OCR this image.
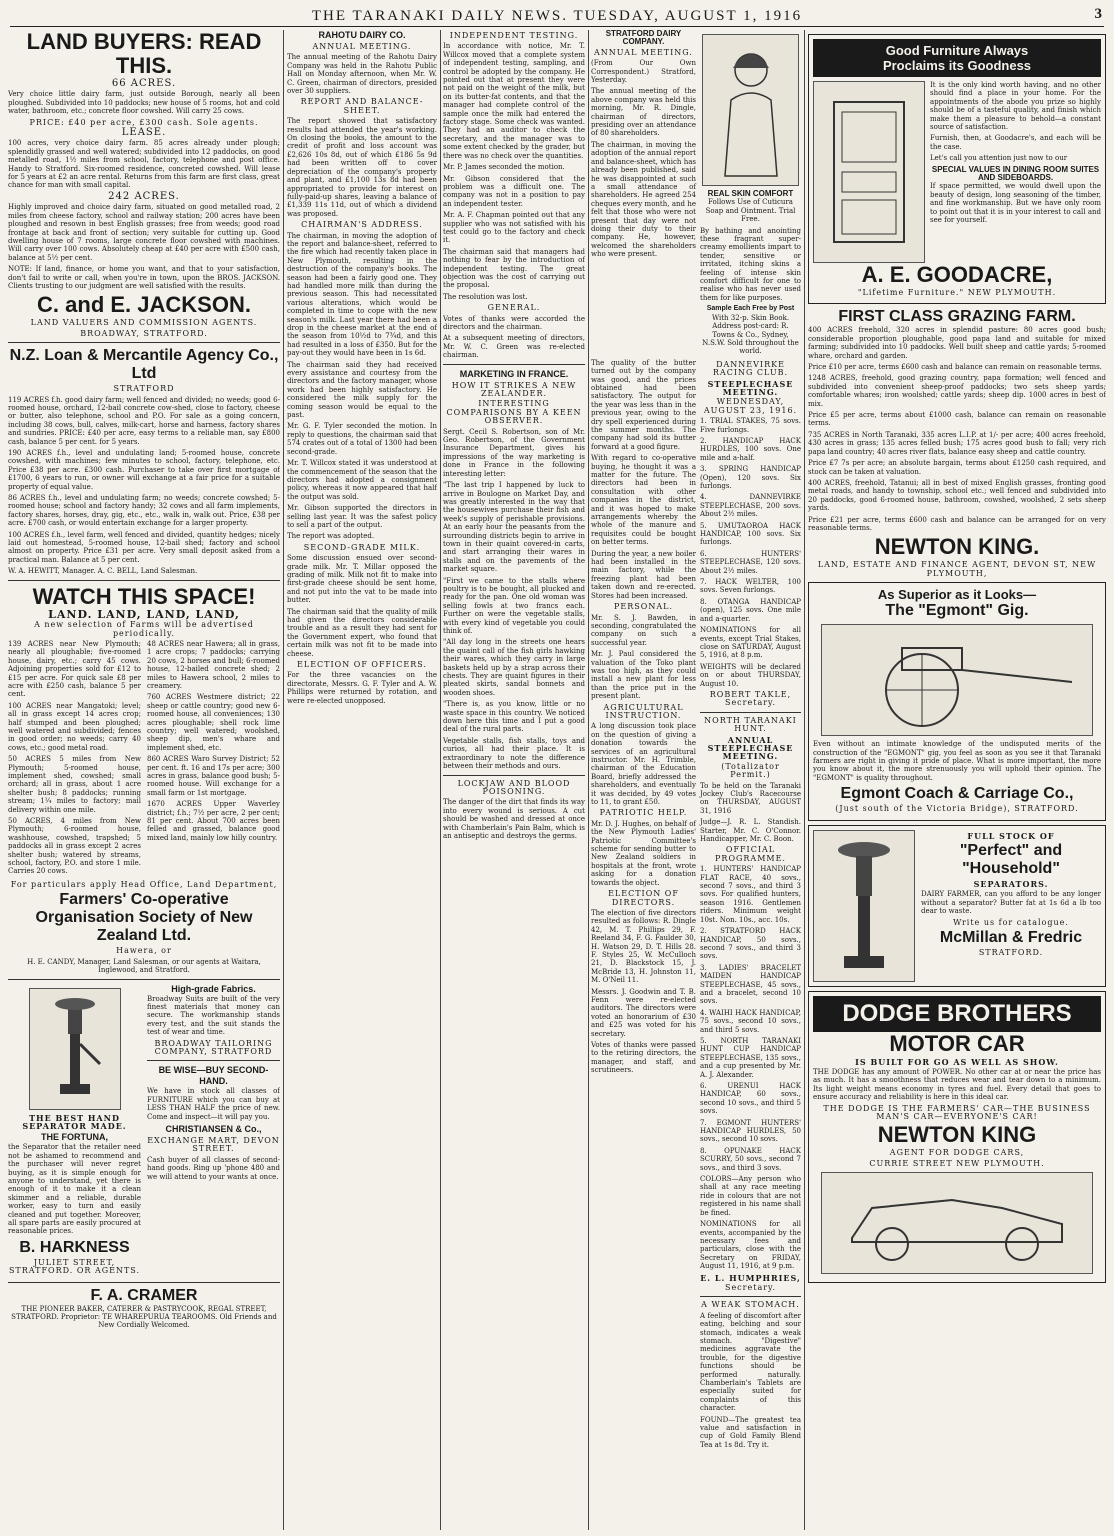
THE TARANAKI DAILY NEWS. TUESDAY, AUGUST 1, 1916	3
LAND BUYERS: READ THIS.
66 ACRES.

Very choice little dairy farm, just outside Borough, nearly all been ploughed. Subdivided into 10 paddocks; new house of 5 rooms, hot and cold water, bathroom, etc.; concrete floor cowshed. Will carry 25 cows.

PRICE: £40 per acre, £300 cash. Sole agents.

LEASE.

100 acres, very choice dairy farm. 85 acres already under plough; splendidly grassed and well watered; subdivided into 12 paddocks, on good metalled road, 1½ miles from school, factory, telephone and post office. Handy to Stratford. Six-roomed residence, concreted cowshed. Will lease for 5 years at £2 an acre rental. Returns from this farm are first class, great chance for man with small capital.

242 ACRES.

Highly improved and choice dairy farm, situated on good metalled road, 2 miles from cheese factory, school and railway station; 200 acres have been ploughed and resown in best English grasses; free from weeds; good road frontage at back and front of section; very suitable for cutting up. Good dwelling house of 7 rooms, large concrete floor cowshed with machines. Will carry over 100 cows. Absolutely cheap at £40 per acre with £500 cash, balance at 5½ per cent.

NOTE: If land, finance, or home you want, and that to your satisfaction, don't fail to write or call, when you're in town, upon the BROS. JACKSON. Clients trusting to our judgment are well satisfied with the results.

C. and E. JACKSON.
LAND VALUERS AND COMMISSION AGENTS.
BROADWAY, STRATFORD.
N.Z. Loan & Mercantile Agency Co., Ltd
STRATFORD

119 ACRES f.h. good dairy farm; well fenced and divided; no weeds; good 6-roomed house, orchard, 12-bail concrete cow-shed, close to factory, cheese or butter, also telephone, school and P.O. For sale as a going concern, including 38 cows, bull, calves, milk-cart, horse and harness, factory shares and sundries. PRICE: £40 per acre, easy terms to a reliable man, say £800 cash, balance 5 per cent. for 5 years.

190 ACRES f.h., level and undulating land; 5-roomed house, concrete cowshed, with machines; few minutes to school, factory, telephone, etc. Price £38 per acre. £300 cash. Purchaser to take over first mortgage of £1700, 6 years to run, or owner will exchange at a fair price for a suitable property of equal value.

86 ACRES f.h., level and undulating farm; no weeds; concrete cowshed; 5-roomed house; school and factory handy; 32 cows and all farm implements, factory shares, horses, dray, gig, etc., etc., walk in, walk out. Price, £38 per acre. £700 cash, or would entertain exchange for a larger property.

100 ACRES f.h., level farm, well fenced and divided, quantity hedges; nicely laid out homestead, 5-roomed house, 12-bail shed; factory and school almost on property. Price £31 per acre. Very small deposit asked from a practical man. Balance at 5 per cent.

W. A. HEWITT, Manager. A. C. BELL, Land Salesman.

WATCH THIS SPACE!
LAND. LAND, LAND, LAND,
A new selection of Farms will be advertised periodically.

139 ACRES near New Plymouth; nearly all ploughable; five-roomed house, dairy, etc.; carry 45 cows. Adjoining properties sold for £12 to £15 per acre. For quick sale £8 per acre with £250 cash, balance 5 per cent.

100 ACRES near Mangatoki; level; all in grass except 14 acres crop; half stumped and been ploughed; well watered and subdivided; fences in good order; no weeds; carry 40 cows, etc.; good metal road.

50 ACRES 5 miles from New Plymouth; 5-roomed house, implement shed, cowshed; small orchard; all in grass, about 1 acre shelter bush; 8 paddocks; running stream; 1¼ miles to factory; mail delivery within one mile.

50 ACRES, 4 miles from New Plymouth; 6-roomed house, washhouse, cowshed, trapshed; 5 paddocks all in grass except 2 acres shelter bush; watered by streams, school, factory, P.O. and store 1 mile. Carries 20 cows.

48 ACRES near Hawera; all in grass, 1 acre crops; 7 paddocks; carrying 20 cows, 2 horses and bull; 6-roomed house, 12-bailed concrete shed; 2 miles to Hawera school, 2 miles to creamery.

760 ACRES Westmere district; 22 sheep or cattle country; good new 6-roomed house, all conveniences; 130 acres ploughable; shell rock lime country; well watered; woolshed, sheep dip, men's whare and implement shed, etc.

860 ACRES Waro Survey District; 52 per cent. ft. 16 and 17s per acre; 300 acres in grass, balance good bush; 5-roomed house. Will exchange for a small farm or 1st mortgage.

1670 ACRES Upper Waverley district; f.h.; 7½ per acre, 2 per cent; 81 per cent. About 700 acres been felled and grassed, balance good mixed land, mainly low hilly country.

For particulars apply Head Office, Land Department,
Farmers' Co-operative Organisation Society of New Zealand Ltd.
Hawera, or

H. E. CANDY, Manager, Land Salesman, or our agents at Waitara, Inglewood, and Stratford.

THE BEST HAND SEPARATOR MADE.
THE FORTUNA,

the Separator that the retailer need not be ashamed to recommend and the purchaser will never regret buying, as it is simple enough for anyone to understand, yet there is enough of it to make it a clean skimmer and a reliable, durable worker, easy to turn and easily cleaned and put together. Moreover, all spare parts are easily procured at reasonable prices.

B. HARKNESS
JULIET STREET, STRATFORD. OR AGENTS.
High-grade Fabrics.

Broadway Suits are built of the very finest materials that money can secure. The workmanship stands every test, and the suit stands the test of wear and time.

BROADWAY TAILORING COMPANY, STRATFORD
BE WISE—BUY SECOND-HAND.

We have in stock all classes of FURNITURE which you can buy at LESS THAN HALF the price of new. Come and inspect—it will pay you.

CHRISTIANSEN & Co.,
EXCHANGE MART, DEVON STREET.

Cash buyer of all classes of second-hand goods. Ring up 'phone 480 and we will attend to your wants at once.

F. A. CRAMER

THE PIONEER BAKER, CATERER & PASTRYCOOK, REGAL STREET, STRATFORD. Proprietor: TE WHAREPURUA TEAROOMS. Old Friends and New Cordially Welcomed.

RAHOTU DAIRY CO.
ANNUAL MEETING.

The annual meeting of the Rahotu Dairy Company was held in the Rahotu Public Hall on Monday afternoon, when Mr. W. C. Green, chairman of directors, presided over 30 suppliers.

REPORT AND BALANCE-SHEET.

The report showed that satisfactory results had attended the year's working. On closing the books, the amount to the credit of profit and loss account was £2,626 10s 8d, out of which £186 5s 9d had been written off to cover depreciation of the company's property and plant, and £1,100 13s 8d had been appropriated to provide for interest on fully-paid-up shares, leaving a balance of £1,339 11s 11d, out of which a dividend was proposed.

CHAIRMAN'S ADDRESS.

The chairman, in moving the adoption of the report and balance-sheet, referred to the fire which had recently taken place in New Plymouth, resulting in the destruction of the company's books. The season had been a fairly good one. They had handled more milk than during the previous season. This had necessitated various alterations, which would be completed in time to cope with the new season's milk. Last year there had been a drop in the cheese market at the end of the season from 10½d to 7¾d, and this had resulted in a loss of £350. But for the pay-out they would have been in 1s 6d.

The chairman said they had received every assistance and courtesy from the directors and the factory manager, whose work had been highly satisfactory. He considered the milk supply for the coming season would be equal to the past.

Mr. G. F. Tyler seconded the motion. In reply to questions, the chairman said that 574 crates out of a total of 1300 had been second-grade.

Mr. T. Willcox stated it was understood at the commencement of the season that the directors had adopted a consignment policy, whereas it now appeared that half the output was sold.

Mr. Gibson supported the directors in selling last year. It was the safest policy to sell a part of the output.

The report was adopted.

SECOND-GRADE MILK.

Some discussion ensued over second-grade milk. Mr. T. Millar opposed the grading of milk. Milk not fit to make into first-grade cheese should be sent home, and not put into the vat to be made into butter.

The chairman said that the quality of milk had given the directors considerable trouble and as a result they had sent for the Government expert, who found that certain milk was not fit to be made into cheese.

ELECTION OF OFFICERS.

For the three vacancies on the directorate, Messrs. G. F. Tyler and A. W. Phillips were returned by rotation, and were re-elected unopposed.

INDEPENDENT TESTING.

In accordance with notice, Mr. T. Willcox moved that a complete system of independent testing, sampling, and control be adopted by the company. He pointed out that at present they were not paid on the weight of the milk, but on its butter-fat contents, and that the manager had complete control of the sample once the milk had entered the factory stage. Some check was wanted. They had an auditor to check the secretary, and the manager was to some extent checked by the grader, but there was no check over the quantities.

Mr. P. James seconded the motion.

Mr. Gibson considered that the problem was a difficult one. The company was not in a position to pay an independent tester.

Mr. A. F. Chapman pointed out that any supplier who was not satisfied with his test could go to the factory and check it.

The chairman said that managers had nothing to fear by the introduction of independent testing. The great objection was the cost of carrying out the proposal.

The resolution was lost.

GENERAL.

Votes of thanks were accorded the directors and the chairman.

At a subsequent meeting of directors, Mr. W. C. Green was re-elected chairman.

MARKETING IN FRANCE.
HOW IT STRIKES A NEW ZEALANDER.
INTERESTING COMPARISONS BY A KEEN OBSERVER.

Sergt. Cecil S. Robertson, son of Mr. Geo. Robertson, of the Government Insurance Department, gives his impressions of the way marketing is done in France in the following interesting letter:

"The last trip I happened by luck to arrive in Boulogne on Market Day, and was greatly interested in the way that the housewives purchase their fish and week's supply of perishable provisions. At an early hour the peasants from the surrounding districts begin to arrive in town in their quaint covered-in carts, and start arranging their wares in stalls and on the pavements of the market square.

"First we came to the stalls where poultry is to be bought, all plucked and ready for the pan. One old woman was selling fowls at two francs each. Further on were the vegetable stalls, with every kind of vegetable you could think of.

"All day long in the streets one hears the quaint call of the fish girls hawking their wares, which they carry in large baskets held up by a strap across their chests. They are quaint figures in their pleated skirts, sandal bonnets and wooden shoes.

"There is, as you know, little or no waste space in this country. We noticed down here this time and I put a good deal of the rural parts.

Vegetable stalls, fish stalls, toys and curios, all had their place. It is extraordinary to note the difference between their methods and ours.

LOCKJAW AND BLOOD POISONING.

The danger of the dirt that finds its way into every wound is serious. A cut should be washed and dressed at once with Chamberlain's Pain Balm, which is an antiseptic and destroys the germs.

STRATFORD DAIRY COMPANY.
ANNUAL MEETING.

(From Our Own Correspondent.) Stratford, Yesterday.

The annual meeting of the above company was held this morning, Mr. R. Dingle, chairman of directors, presiding over an attendance of 80 shareholders.

The chairman, in moving the adoption of the annual report and balance-sheet, which has already been published, said he was disappointed at such a small attendance of shareholders. He agreed 254 cheques every month, and he felt that those who were not present that day were not doing their duty to their company. He, however, welcomed the shareholders who were present.

REAL SKIN COMFORT

Follows Use of Cuticura Soap and Ointment. Trial Free.

By bathing and anointing these fragrant super-creamy emollients impart to tender, sensitive or irritated, itching skins a feeling of intense skin comfort difficult for one to realise who has never used them for like purposes.

Sample Each Free by Post

With 32-p. Skin Book. Address post-card: R. Towns & Co., Sydney, N.S.W. Sold throughout the world.

The quality of the butter turned out by the company was good, and the prices obtained had been satisfactory. The output for the year was less than in the previous year, owing to the dry spell experienced during the summer months. The company had sold its butter forward at a good figure.

With regard to co-operative buying, he thought it was a matter for the future. The directors had been in consultation with other companies in the district, and it was hoped to make arrangements whereby the whole of the manure and requisites could be bought on better terms.

During the year, a new boiler had been installed in the main factory, while the freezing plant had been taken down and re-erected. Stores had been increased.

PERSONAL.

Mr. S. J. Bawden, in seconding, congratulated the company on such a successful year.

Mr. J. Paul considered the valuation of the Toko plant was too high, as they could install a new plant for less than the price put in the present plant.

AGRICULTURAL INSTRUCTION.

A long discussion took place on the question of giving a donation towards the services of an agricultural instructor. Mr. H. Trimble, chairman of the Education Board, briefly addressed the shareholders, and eventually it was decided, by 49 votes to 11, to grant £50.

PATRIOTIC HELP.

Mr. D. J. Hughes, on behalf of the New Plymouth Ladies' Patriotic Committee's scheme for sending butter to New Zealand soldiers in hospitals at the front, wrote asking for a donation towards the object.

ELECTION OF DIRECTORS.

The election of five directors resulted as follows: R. Dingle 42, M. T. Phillips 29, F. Reeland 34, F. G. Faulder 30, H. Watson 29, D. T. Hills 28. F. Styles 25, W. McCulloch 21, D. Blackstock 15, J. McBride 13, H. Johnston 11, M. O'Neil 11.

Messrs. J. Goodwin and T. B. Fenn were re-elected auditors. The directors were voted an honorarium of £30 and £25 was voted for his secretary.

Votes of thanks were passed to the retiring directors, the manager, and staff, and scrutineers.

DANNEVIRKE RACING CLUB.
STEEPLECHASE MEETING.
WEDNESDAY, AUGUST 23, 1916.

1. TRIAL STAKES, 75 sovs. Five furlongs.

2. HANDICAP HACK HURDLES, 100 sovs. One mile and a-half.

3. SPRING HANDICAP (Open), 120 sovs. Six furlongs.

4. DANNEVIRKE STEEPLECHASE, 200 sovs. About 2½ miles.

5. UMUTAOROA HACK HANDICAP, 100 sovs. Six furlongs.

6. HUNTERS' STEEPLECHASE, 120 sovs. About 2½ miles.

7. HACK WELTER, 100 sovs. Seven furlongs.

8. OTANGA HANDICAP (open), 125 sovs. One mile and a-quarter.

NOMINATIONS for all events, except Trial Stakes, close on SATURDAY, August 5, 1916, at 8 p.m.

WEIGHTS will be declared on or about THURSDAY, August 10.

ROBERT TAKLE, Secretary.
NORTH TARANAKI HUNT.
ANNUAL STEEPLECHASE MEETING.
(Totalizator Permit.)

To be held on the Taranaki Jockey Club's Racecourse on THURSDAY, AUGUST 31, 1916

Judge—J. R. L. Standish. Starter, Mr. C. O'Connor. Handicapper, Mr. C. Boon.

OFFICIAL PROGRAMME.

1. HUNTERS' HANDICAP FLAT RACE, 40 sovs., second 7 sovs., and third 3 sovs. For qualified hunters, season 1916. Gentlemen riders. Minimum weight 10st. Non. 10s., acc. 10s.

2. STRATFORD HACK HANDICAP, 50 sovs., second 7 sovs., and third 3 sovs.

3. LADIES' BRACELET MAIDEN HANDICAP STEEPLECHASE, 45 sovs., and a bracelet, second 10 sovs.

4. WAIHI HACK HANDICAP, 75 sovs., second 10 sovs., and third 5 sovs.

5. NORTH TARANAKI HUNT CUP HANDICAP STEEPLECHASE, 135 sovs., and a cup presented by Mr. A. J. Alexander.

6. URENUI HACK HANDICAP, 60 sovs., second 10 sovs., and third 5 sovs.

7. EGMONT HUNTERS' HANDICAP HURDLES, 50 sovs., second 10 sovs.

8. OPUNAKE HACK SCURRY, 50 sovs., second 7 sovs., and third 3 sovs.

COLORS—Any person who shall at any race meeting ride in colours that are not registered in his name shall be fined.

NOMINATIONS for all events, accompanied by the necessary fees and particulars, close with the Secretary on FRIDAY, August 11, 1916, at 9 p.m.

E. L. HUMPHRIES,
Secretary.
A WEAK STOMACH.

A feeling of discomfort after eating, belching and sour stomach, indicates a weak stomach. "Digestive" medicines aggravate the trouble, for the digestive functions should be performed naturally. Chamberlain's Tablets are especially suited for complaints of this character.

FOUND—The greatest tea value and satisfaction in cup of Gold Family Blend Tea at 1s 8d. Try it.

Good Furniture Always
Proclaims its Goodness

It is the only kind worth having, and no other should find a place in your home. For the appointments of the abode you prize so highly should be of a tasteful quality, and finish which make them a pleasure to behold—a constant source of satisfaction.

Furnish, then, at Goodacre's, and each will be the case.

Let's call you attention just now to our

SPECIAL VALUES IN DINING ROOM SUITES AND SIDEBOARDS.

If space permitted, we would dwell upon the beauty of design, long seasoning of the timber, and fine workmanship. But we have only room to point out that it is in your interest to call and see for yourself.

A. E. GOODACRE,
"Lifetime Furniture." NEW PLYMOUTH.
FIRST CLASS GRAZING FARM.

400 ACRES freehold, 320 acres in splendid pasture: 80 acres good bush; considerable proportion ploughable, good papa land and suitable for mixed farming; subdivided into 10 paddocks. Well built sheep and cattle yards; 5-roomed whare, orchard and garden.

Price £10 per acre, terms £600 cash and balance can remain on reasonable terms.

1248 ACRES, freehold, good grazing country, papa formation; well fenced and subdivided into convenient sheep-proof paddocks; two sets sheep yards; comfortable whares; iron woolshed; cattle yards; sheep dip. 1000 acres in best of mix.

Price £5 per acre, terms about £1000 cash, balance can remain on reasonable terms.

735 ACRES in North Taranaki, 335 acres L.I.P. at 1/- per acre; 400 acres freehold, 430 acres in grass; 135 acres felled bush; 175 acres good bush to fall; very rich papa land country; 40 acres river flats, balance easy sheep and cattle country.

Price £7 7s per acre; an absolute bargain, terms about £1250 cash required, and stock can be taken at valuation.

400 ACRES, freehold, Tatanui; all in best of mixed English grasses, fronting good metal roads, and handy to township, school etc.; well fenced and subdivided into 20 paddocks, good 6-roomed house, bathroom, cowshed, woolshed, 2 sets sheep yards.

Price £21 per acre, terms £600 cash and balance can be arranged for on very reasonable terms.

NEWTON KING.
LAND, ESTATE AND FINANCE AGENT, DEVON ST, NEW PLYMOUTH,
As Superior as it Looks—
The "Egmont" Gig.

Even without an intimate knowledge of the undisputed merits of the construction of the "EGMONT" gig, you feel as soon as you see it that Taranaki farmers are right in giving it pride of place. What is more important, the more you know about it, the more strenuously you will uphold their opinion. The "EGMONT" is quality throughout.

Egmont Coach & Carriage Co.,
(Just south of the Victoria Bridge), STRATFORD.
FULL STOCK OF
"Perfect" and "Household"
SEPARATORS.

DAIRY FARMER, can you afford to be any longer without a separator? Butter fat at 1s 6d a lb too dear to waste.

Write us for catalogue.
McMillan & Fredric
STRATFORD.
DODGE BROTHERS
MOTOR CAR
IS BUILT FOR GO AS WELL AS SHOW.

THE DODGE has any amount of POWER. No other car at or near the price has as much. It has a smoothness that reduces wear and tear down to a minimum. Its light weight means economy in tyres and fuel. Every detail that goes to ensure accuracy and reliability is here in this ideal car.

THE DODGE IS THE FARMERS' CAR—THE BUSINESS MAN'S CAR—EVERYONE'S CAR!

NEWTON KING
AGENT FOR DODGE CARS,
CURRIE STREET NEW PLYMOUTH.
